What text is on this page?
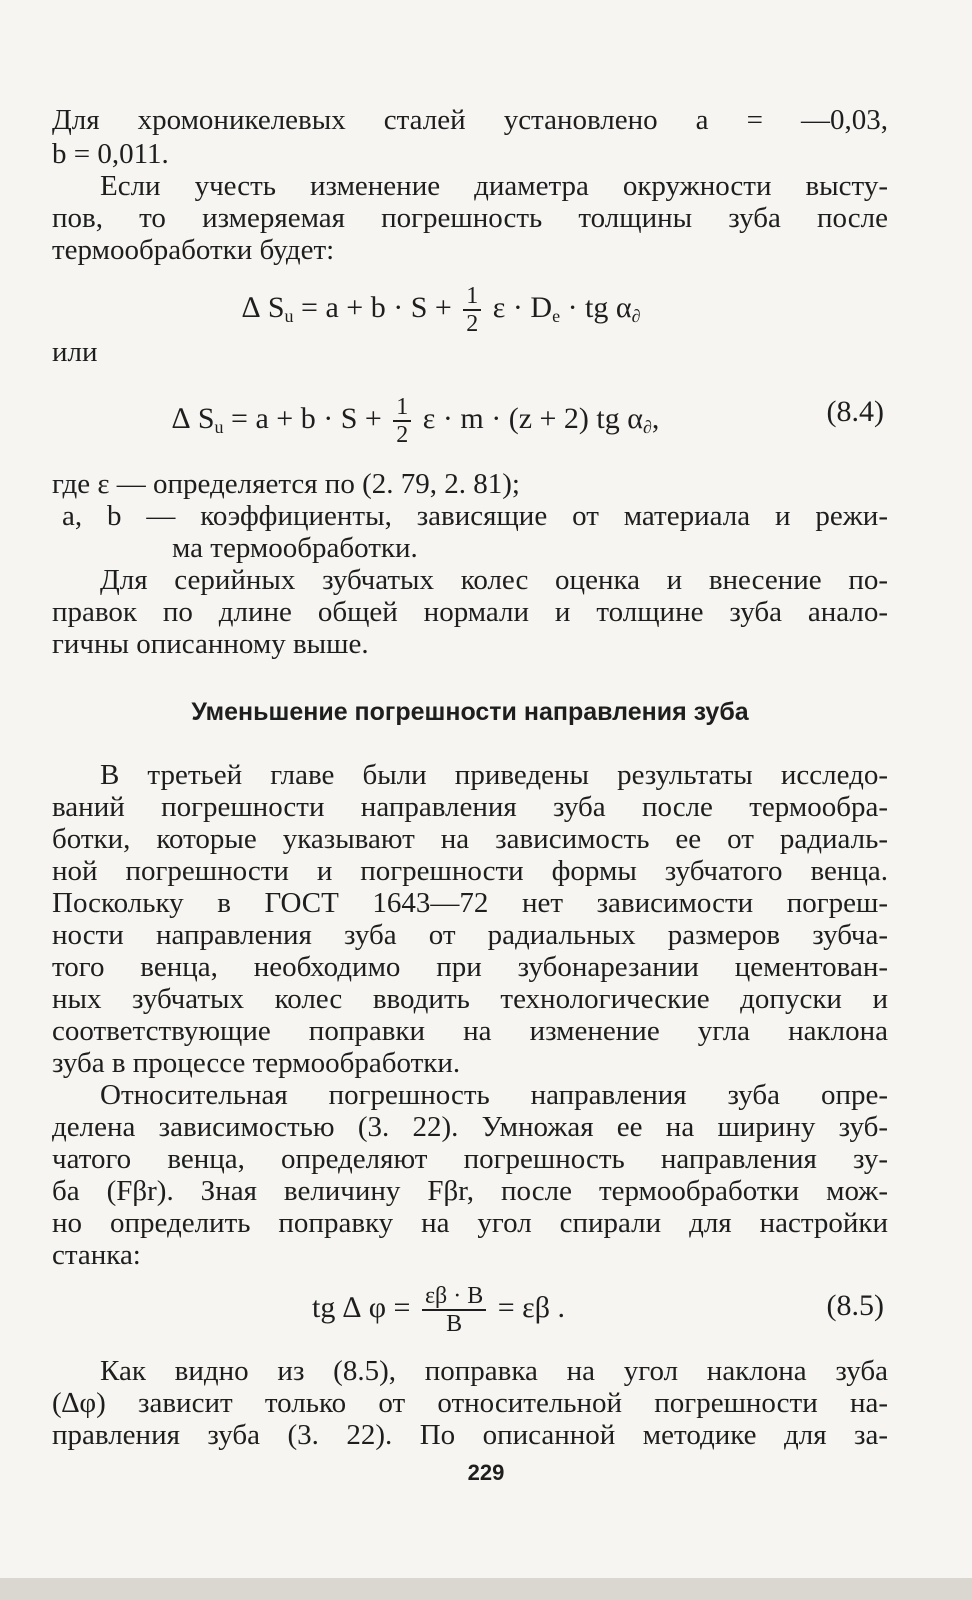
Для хромоникелевых сталей установлено a = —0,03,
b = 0,011.
Если учесть изменение диаметра окружности высту-
пов, то измеряемая погрешность толщины зуба после
термообработки будет:
∆ $S_u = a + b \cdot S + \frac{1}{2}$ $\varepsilon \cdot D_e$ · tg $\alpha_\partial$
или
∆ $S_u = a + b \cdot S + \frac{1}{2}$ ε · m · (z + 2) tg $\alpha_\partial$,	(8.4)
где ε — определяется по (2. 79, 2. 81);
a, b — коэффициенты, зависящие от материала и режи-
ма термообработки.
Для серийных зубчатых колес оценка и внесение по-
правок по длине общей нормали и толщине зуба анало-
гичны описанному выше.
Уменьшение погрешности направления зуба
В третьей главе были приведены результаты исследо-
ваний погрешности направления зуба после термообра-
ботки, которые указывают на зависимость ее от радиаль-
ной погрешности и погрешности формы зубчатого венца.
Поскольку в ГОСТ 1643—72 нет зависимости погреш-
ности направления зуба от радиальных размеров зубча-
того венца, необходимо при зубонарезании цементован-
ных зубчатых колес вводить технологические допуски и
соответствующие поправки на изменение угла наклона
зуба в процессе термообработки.
Относительная погрешность направления зуба опре-
делена зависимостью (3. 22). Умножая ее на ширину зуб-
чатого венца, определяют погрешность направления зу-
ба (Fβr). Зная величину Fβr, после термообработки мож-
но определить поправку на угол спирали для настройки
станка:
tg ∆ $\varphi = \frac{\varepsilon\beta \cdot B}{B} = \varepsilon\beta$ .	(8.5)
Как видно из (8.5), поправка на угол наклона зуба
(∆φ) зависит только от относительной погрешности на-
правления зуба (3. 22). По описанной методике для за-
229
